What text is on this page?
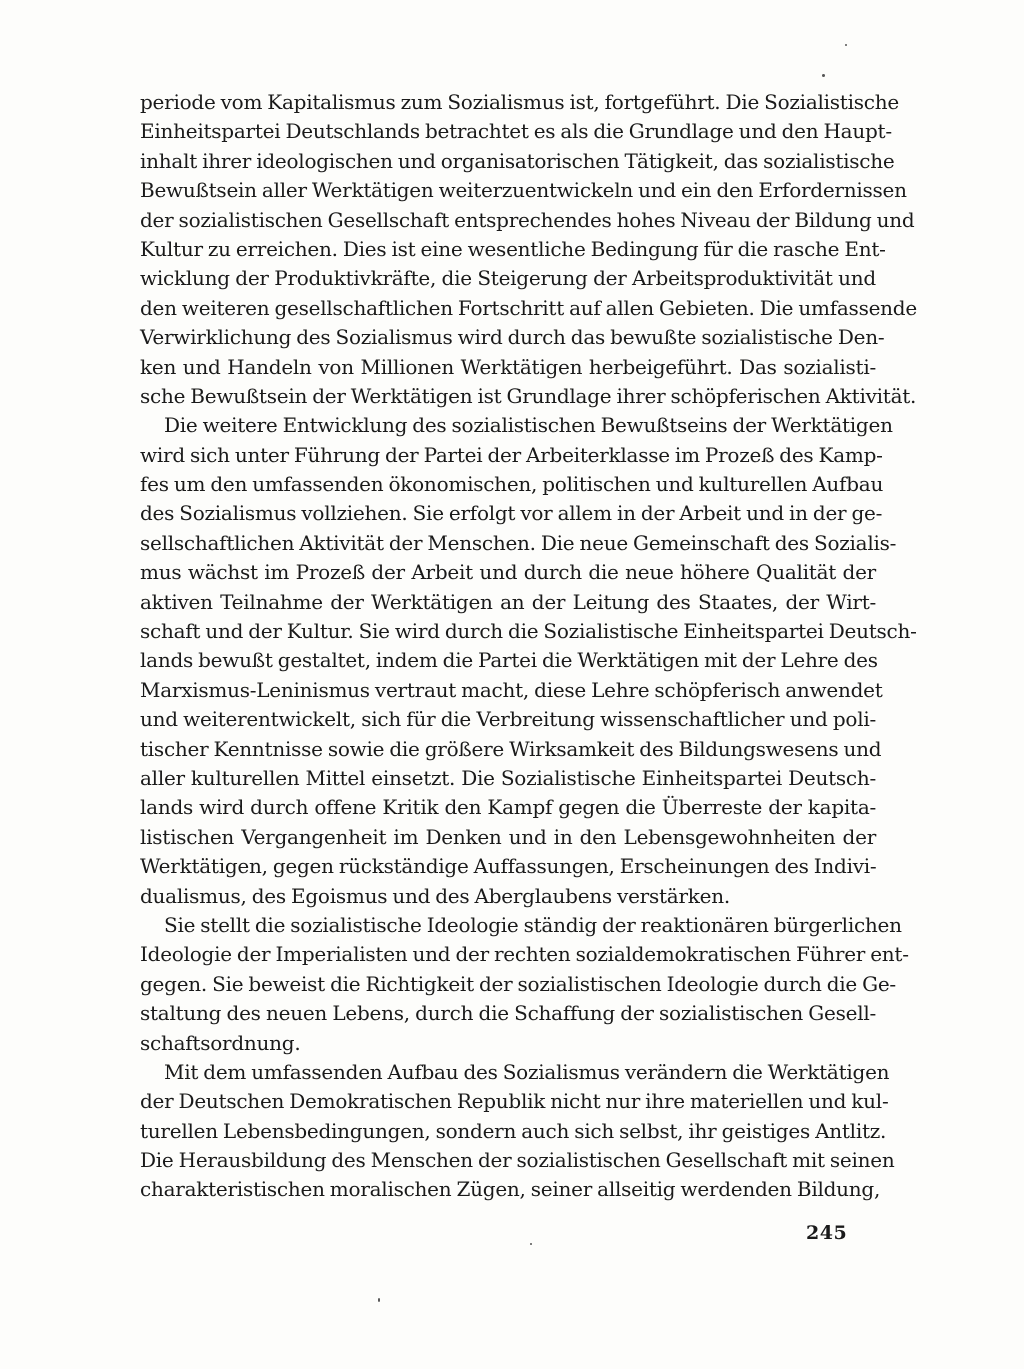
periode vom Kapitalismus zum Sozialismus ist, fortgeführt. Die Sozialistische
Einheitspartei Deutschlands betrachtet es als die Grundlage und den Haupt-
inhalt ihrer ideologischen und organisatorischen Tätigkeit, das sozialistische
Bewußtsein aller Werktätigen weiterzuentwickeln und ein den Erfordernissen
der sozialistischen Gesellschaft entsprechendes hohes Niveau der Bildung und
Kultur zu erreichen. Dies ist eine wesentliche Bedingung für die rasche Ent-
wicklung der Produktivkräfte, die Steigerung der Arbeitsproduktivität und
den weiteren gesellschaftlichen Fortschritt auf allen Gebieten. Die umfassende
Verwirklichung des Sozialismus wird durch das bewußte sozialistische Den-
ken und Handeln von Millionen Werktätigen herbeigeführt. Das sozialisti-
sche Bewußtsein der Werktätigen ist Grundlage ihrer schöpferischen Aktivität.
Die weitere Entwicklung des sozialistischen Bewußtseins der Werktätigen
wird sich unter Führung der Partei der Arbeiterklasse im Prozeß des Kamp-
fes um den umfassenden ökonomischen, politischen und kulturellen Aufbau
des Sozialismus vollziehen. Sie erfolgt vor allem in der Arbeit und in der ge-
sellschaftlichen Aktivität der Menschen. Die neue Gemeinschaft des Sozialis-
mus wächst im Prozeß der Arbeit und durch die neue höhere Qualität der
aktiven Teilnahme der Werktätigen an der Leitung des Staates, der Wirt-
schaft und der Kultur. Sie wird durch die Sozialistische Einheitspartei Deutsch-
lands bewußt gestaltet, indem die Partei die Werktätigen mit der Lehre des
Marxismus-Leninismus vertraut macht, diese Lehre schöpferisch anwendet
und weiterentwickelt, sich für die Verbreitung wissenschaftlicher und poli-
tischer Kenntnisse sowie die größere Wirksamkeit des Bildungswesens und
aller kulturellen Mittel einsetzt. Die Sozialistische Einheitspartei Deutsch-
lands wird durch offene Kritik den Kampf gegen die Überreste der kapita-
listischen Vergangenheit im Denken und in den Lebensgewohnheiten der
Werktätigen, gegen rückständige Auffassungen, Erscheinungen des Indivi-
dualismus, des Egoismus und des Aberglaubens verstärken.
Sie stellt die sozialistische Ideologie ständig der reaktionären bürgerlichen
Ideologie der Imperialisten und der rechten sozialdemokratischen Führer ent-
gegen. Sie beweist die Richtigkeit der sozialistischen Ideologie durch die Ge-
staltung des neuen Lebens, durch die Schaffung der sozialistischen Gesell-
schaftsordnung.
Mit dem umfassenden Aufbau des Sozialismus verändern die Werktätigen
der Deutschen Demokratischen Republik nicht nur ihre materiellen und kul-
turellen Lebensbedingungen, sondern auch sich selbst, ihr geistiges Antlitz.
Die Herausbildung des Menschen der sozialistischen Gesellschaft mit seinen
charakteristischen moralischen Zügen, seiner allseitig werdenden Bildung,
245
